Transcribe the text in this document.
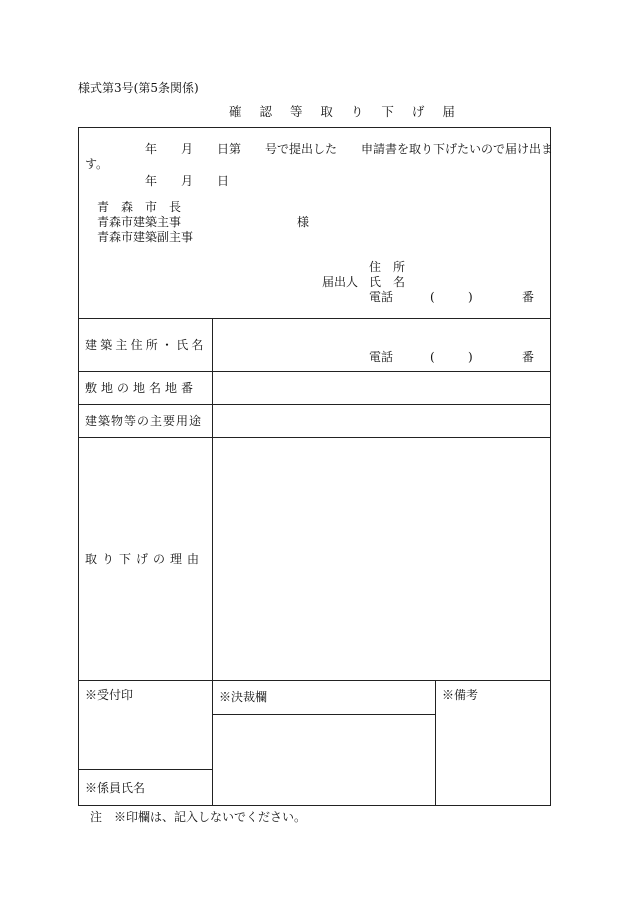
様式第3号(第5条関係)
確 認 等 取 り 下 げ 届
年　　月　　日第　　号で提出した　　申請書を取り下げたいので届け出ま
す。
年　　月　　日
青　森　市　長
青森市建築主事
青森市建築副主事
様
住　所
届出人 氏　名
電話	(	)	番
建築主住所・氏名
電話	(	)	番
敷地の地名地番
建築物等の主要用途
取り下げの理由
※受付印	※決裁欄	※備考
※係員氏名
注　※印欄は、記入しないでください。
